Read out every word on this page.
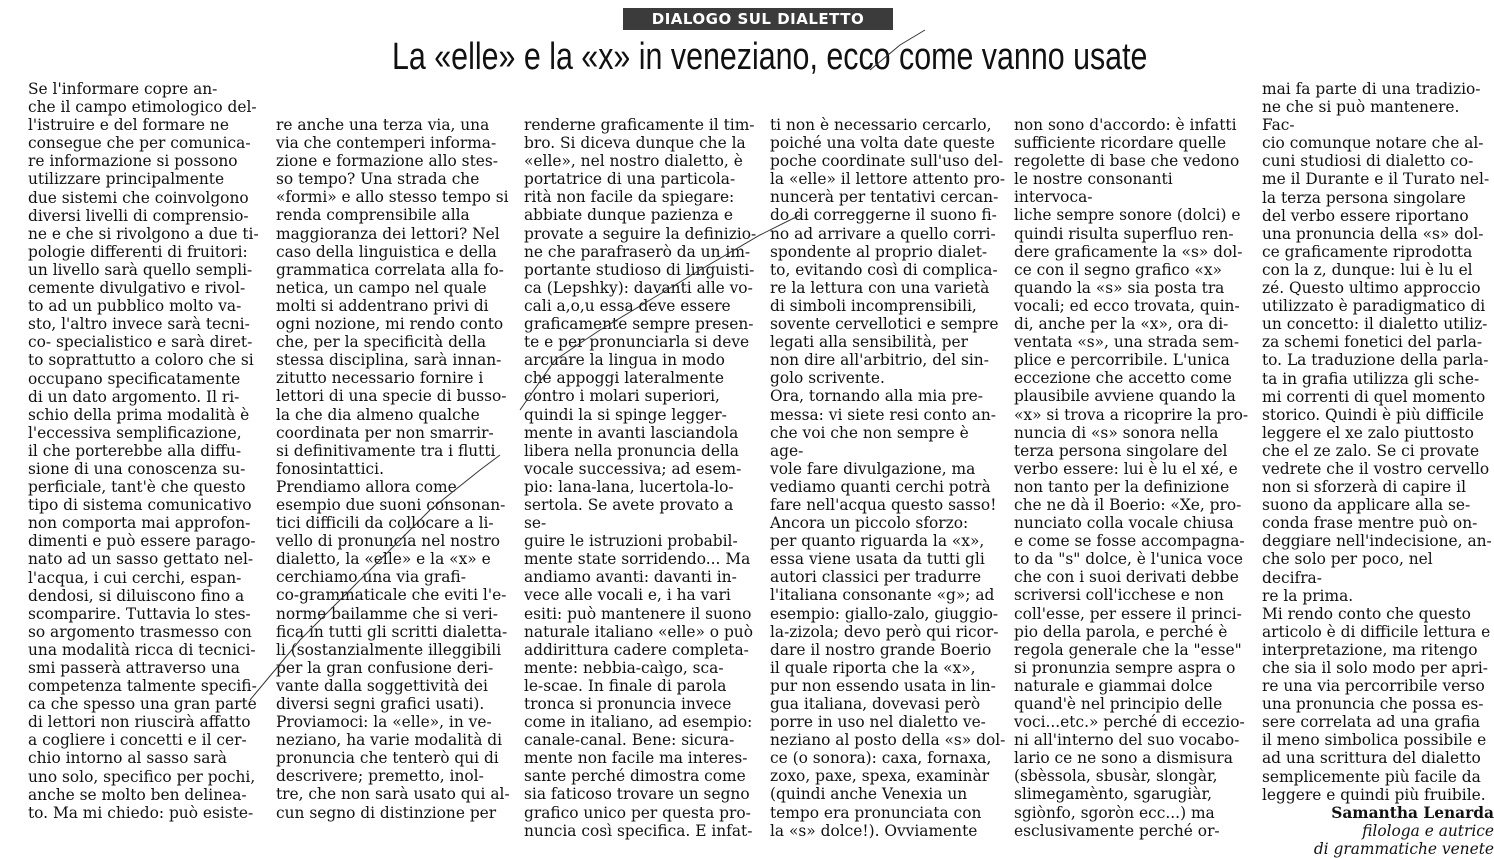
DIALOGO SUL DIALETTO
La «elle» e la «x» in veneziano, ecco come vanno usate

Se l'informare copre an-
che il campo etimologico del-
l'istruire e del formare ne
consegue che per comunica-
re informazione si possono
utilizzare principalmente
due sistemi che coinvolgono
diversi livelli di comprensio-
ne e che si rivolgono a due ti-
pologie differenti di fruitori:
un livello sarà quello sempli-
cemente divulgativo e rivol-
to ad un pubblico molto va-
sto, l'altro invece sarà tecni-
co- specialistico e sarà diret-
to soprattutto a coloro che si
occupano specificatamente
di un dato argomento. Il ri-
schio della prima modalità è
l'eccessiva semplificazione,
il che porterebbe alla diffu-
sione di una conoscenza su-
perficiale, tant'è che questo
tipo di sistema comunicativo
non comporta mai approfon-
dimenti e può essere parago-
nato ad un sasso gettato nel-
l'acqua, i cui cerchi, espan-
dendosi, si diluiscono fino a
scomparire. Tuttavia lo stes-
so argomento trasmesso con
una modalità ricca di tecnici-
smi passerà attraverso una
competenza talmente specifi-
ca che spesso una gran parte
di lettori non riuscirà affatto
a cogliere i concetti e il cer-
chio intorno al sasso sarà
uno solo, specifico per pochi,
anche se molto ben delinea-
to. Ma mi chiedo: può esiste-

re anche una terza via, una
via che contemperi informa-
zione e formazione allo stes-
so tempo? Una strada che
«formi» e allo stesso tempo si
renda comprensibile alla
maggioranza dei lettori? Nel
caso della linguistica e della
grammatica correlata alla fo-
netica, un campo nel quale
molti si addentrano privi di
ogni nozione, mi rendo conto
che, per la specificità della
stessa disciplina, sarà innan-
zitutto necessario fornire i
lettori di una specie di busso-
la che dia almeno qualche
coordinata per non smarrir-
si definitivamente tra i flutti
fonosintattici.
Prendiamo allora come
esempio due suoni consonan-
tici difficili da collocare a li-
vello di pronuncia nel nostro
dialetto, la «elle» e la «x» e
cerchiamo una via grafi-
co-grammaticale che eviti l'e-
norme bailamme che si veri-
fica in tutti gli scritti dialetta-
li (sostanzialmente illeggibili
per la gran confusione deri-
vante dalla soggettività dei
diversi segni grafici usati).
Proviamoci: la «elle», in ve-
neziano, ha varie modalità di
pronuncia che tenterò qui di
descrivere; premetto, inol-
tre, che non sarà usato qui al-
cun segno di distinzione per

renderne graficamente il tim-
bro. Si diceva dunque che la
«elle», nel nostro dialetto, è
portatrice di una particola-
rità non facile da spiegare:
abbiate dunque pazienza e
provate a seguire la definizio-
ne che parafraserò da un im-
portante studioso di linguisti-
ca (Lepshky): davanti alle vo-
cali a,o,u essa deve essere
graficamente sempre presen-
te e per pronunciarla si deve
arcuare la lingua in modo
che appoggi lateralmente
contro i molari superiori,
quindi la si spinge legger-
mente in avanti lasciandola
libera nella pronuncia della
vocale successiva; ad esem-
pio: lana-lana, lucertola-lo-
sertola. Se avete provato a se-
guire le istruzioni probabil-
mente state sorridendo... Ma
andiamo avanti: davanti in-
vece alle vocali e, i ha vari
esiti: può mantenere il suono
naturale italiano «elle» o può
addirittura cadere completa-
mente: nebbia-caìgo, sca-
le-scae. In finale di parola
tronca si pronuncia invece
come in italiano, ad esempio:
canale-canal. Bene: sicura-
mente non facile ma interes-
sante perché dimostra come
sia faticoso trovare un segno
grafico unico per questa pro-
nuncia così specifica. E infat-

ti non è necessario cercarlo,
poiché una volta date queste
poche coordinate sull'uso del-
la «elle» il lettore attento pro-
nuncerà per tentativi cercan-
do di correggerne il suono fi-
no ad arrivare a quello corri-
spondente al proprio dialet-
to, evitando così di complica-
re la lettura con una varietà
di simboli incomprensibili,
sovente cervellotici e sempre
legati alla sensibilità, per
non dire all'arbitrio, del sin-
golo scrivente.
Ora, tornando alla mia pre-
messa: vi siete resi conto an-
che voi che non sempre è age-
vole fare divulgazione, ma
vediamo quanti cerchi potrà
fare nell'acqua questo sasso!
Ancora un piccolo sforzo:
per quanto riguarda la «x»,
essa viene usata da tutti gli
autori classici per tradurre
l'italiana consonante «g»; ad
esempio: giallo-zalo, giuggio-
la-zizola; devo però qui ricor-
dare il nostro grande Boerio
il quale riporta che la «x»,
pur non essendo usata in lin-
gua italiana, dovevasi però
porre in uso nel dialetto ve-
neziano al posto della «s» dol-
ce (o sonora): caxa, fornaxa,
zoxo, paxe, spexa, examinàr
(quindi anche Venexia un
tempo era pronunciata con
la «s» dolce!). Ovviamente

non sono d'accordo: è infatti
sufficiente ricordare quelle
regolette di base che vedono
le nostre consonanti intervoca-
liche sempre sonore (dolci) e
quindi risulta superfluo ren-
dere graficamente la «s» dol-
ce con il segno grafico «x»
quando la «s» sia posta tra
vocali; ed ecco trovata, quin-
di, anche per la «x», ora di-
ventata «s», una strada sem-
plice e percorribile. L'unica
eccezione che accetto come
plausibile avviene quando la
«x» si trova a ricoprire la pro-
nuncia di «s» sonora nella
terza persona singolare del
verbo essere: lui è lu el xé, e
non tanto per la definizione
che ne dà il Boerio: «Xe, pro-
nunciato colla vocale chiusa
e come se fosse accompagna-
to da "s" dolce, è l'unica voce
che con i suoi derivati debbe
scriversi coll'icchese e non
coll'esse, per essere il princi-
pio della parola, e perché è
regola generale che la "esse"
si pronunzia sempre aspra o
naturale e giammai dolce
quand'è nel principio delle
voci...etc.» perché di eccezio-
ni all'interno del suo vocabo-
lario ce ne sono a dismisura
(sbèssola, sbusàr, slongàr,
slimegamènto, sgarugiàr,
sgiònfo, sgoròn ecc...) ma
esclusivamente perché or-

mai fa parte di una tradizio-
ne che si può mantenere. Fac-
cio comunque notare che al-
cuni studiosi di dialetto co-
me il Durante e il Turato nel-
la terza persona singolare
del verbo essere riportano
una pronuncia della «s» dol-
ce graficamente riprodotta
con la z, dunque: lui è lu el
zé. Questo ultimo approccio
utilizzato è paradigmatico di
un concetto: il dialetto utiliz-
za schemi fonetici del parla-
to. La traduzione della parla-
ta in grafia utilizza gli sche-
mi correnti di quel momento
storico. Quindi è più difficile
leggere el xe zalo piuttosto
che el ze zalo. Se ci provate
vedrete che il vostro cervello
non si sforzerà di capire il
suono da applicare alla se-
conda frase mentre può on-
deggiare nell'indecisione, an-
che solo per poco, nel decifra-
re la prima.
Mi rendo conto che questo
articolo è di difficile lettura e
interpretazione, ma ritengo
che sia il solo modo per apri-
re una via percorribile verso
una pronuncia che possa es-
sere correlata ad una grafia
il meno simbolica possibile e
ad una scrittura del dialetto
semplicemente più facile da
leggere e quindi più fruibile.

Samantha Lenarda
filologa e autrice
di grammatiche venete
